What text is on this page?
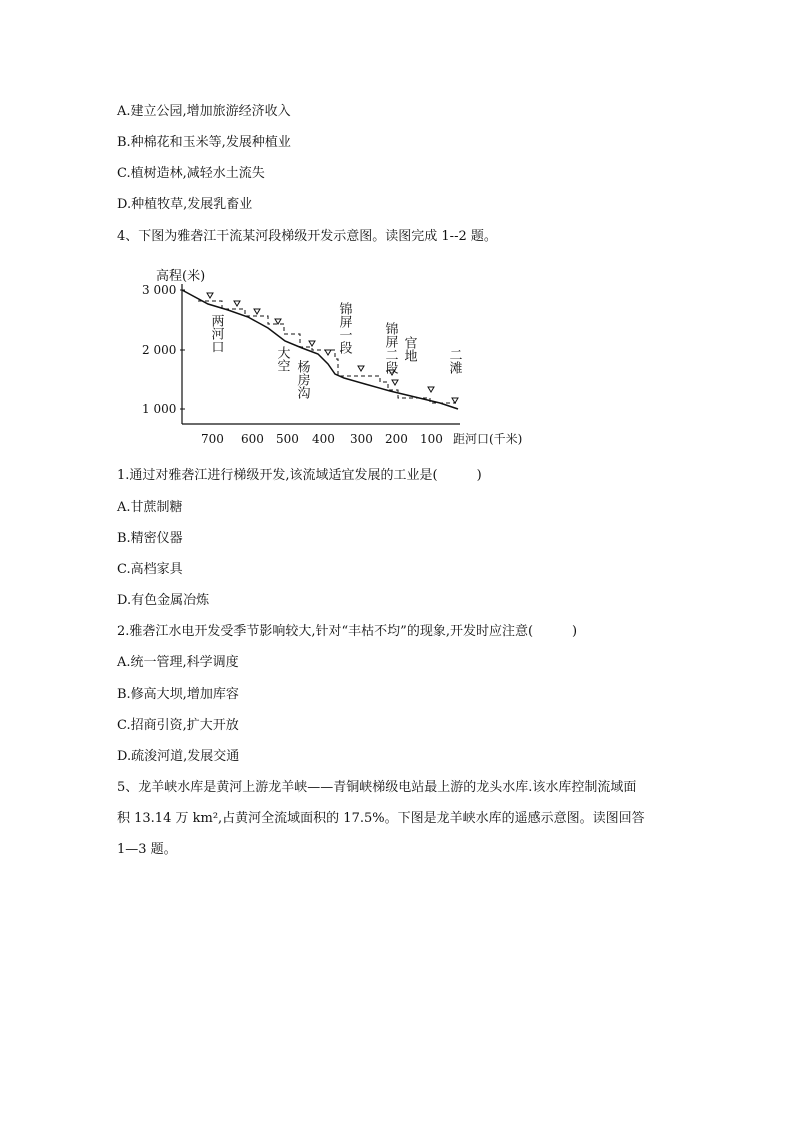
A.建立公园,增加旅游经济收入
B.种棉花和玉米等,发展种植业
C.植树造林,减轻水土流失
D.种植牧草,发展乳畜业
4、下图为雅砻江干流某河段梯级开发示意图。读图完成 1--2 题。
高程(米)
距河口(千米)
3 000
2 000
1 000
700 600 500 400 300 200 100
两河口
大空
杨房沟
锦屏一段 锦屏二段 官地 二滩
1.通过对雅砻江进行梯级开发,该流域适宜发展的工业是(　　　)
A.甘蔗制糖
B.精密仪器
C.高档家具
D.有色金属冶炼
2.雅砻江水电开发受季节影响较大,针对“丰枯不均”的现象,开发时应注意(　　　)
A.统一管理,科学调度
B.修高大坝,增加库容
C.招商引资,扩大开放
D.疏浚河道,发展交通
5、龙羊峡水库是黄河上游龙羊峡——青铜峡梯级电站最上游的龙头水库.该水库控制流域面
积 13.14 万 km²,占黄河全流域面积的 17.5%。下图是龙羊峡水库的遥感示意图。读图回答
1—3 题。
